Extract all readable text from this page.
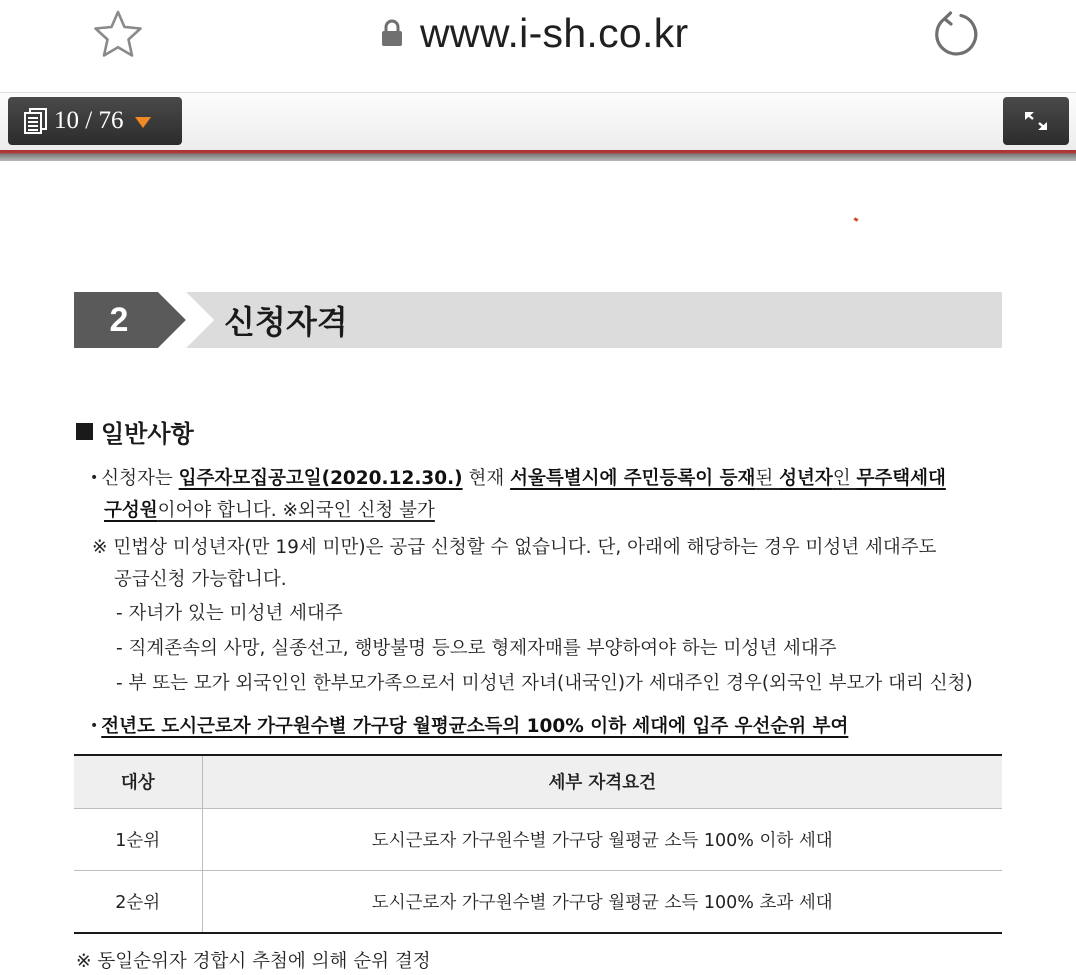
www.i-sh.co.kr
10 / 76
2	신청자격
일반사항
• 신청자는 입주자모집공고일(2020.12.30.) 현재 서울특별시에 주민등록이 등재된 성년자인 무주택세대
구성원이어야 합니다. ※외국인 신청 불가
※ 민법상 미성년자(만 19세 미만)은 공급 신청할 수 없습니다. 단, 아래에 해당하는 경우 미성년 세대주도
공급신청 가능합니다.
- 자녀가 있는 미성년 세대주
- 직계존속의 사망, 실종선고, 행방불명 등으로 형제자매를 부양하여야 하는 미성년 세대주
- 부 또는 모가 외국인인 한부모가족으로서 미성년 자녀(내국인)가 세대주인 경우(외국인 부모가 대리 신청)
• 전년도 도시근로자 가구원수별 가구당 월평균소득의 100% 이하 세대에 입주 우선순위 부여
대상	세부 자격요건
1순위	도시근로자 가구원수별 가구당 월평균 소득 100% 이하 세대
2순위	도시근로자 가구원수별 가구당 월평균 소득 100% 초과 세대
※ 동일순위자 경합시 추첨에 의해 순위 결정
